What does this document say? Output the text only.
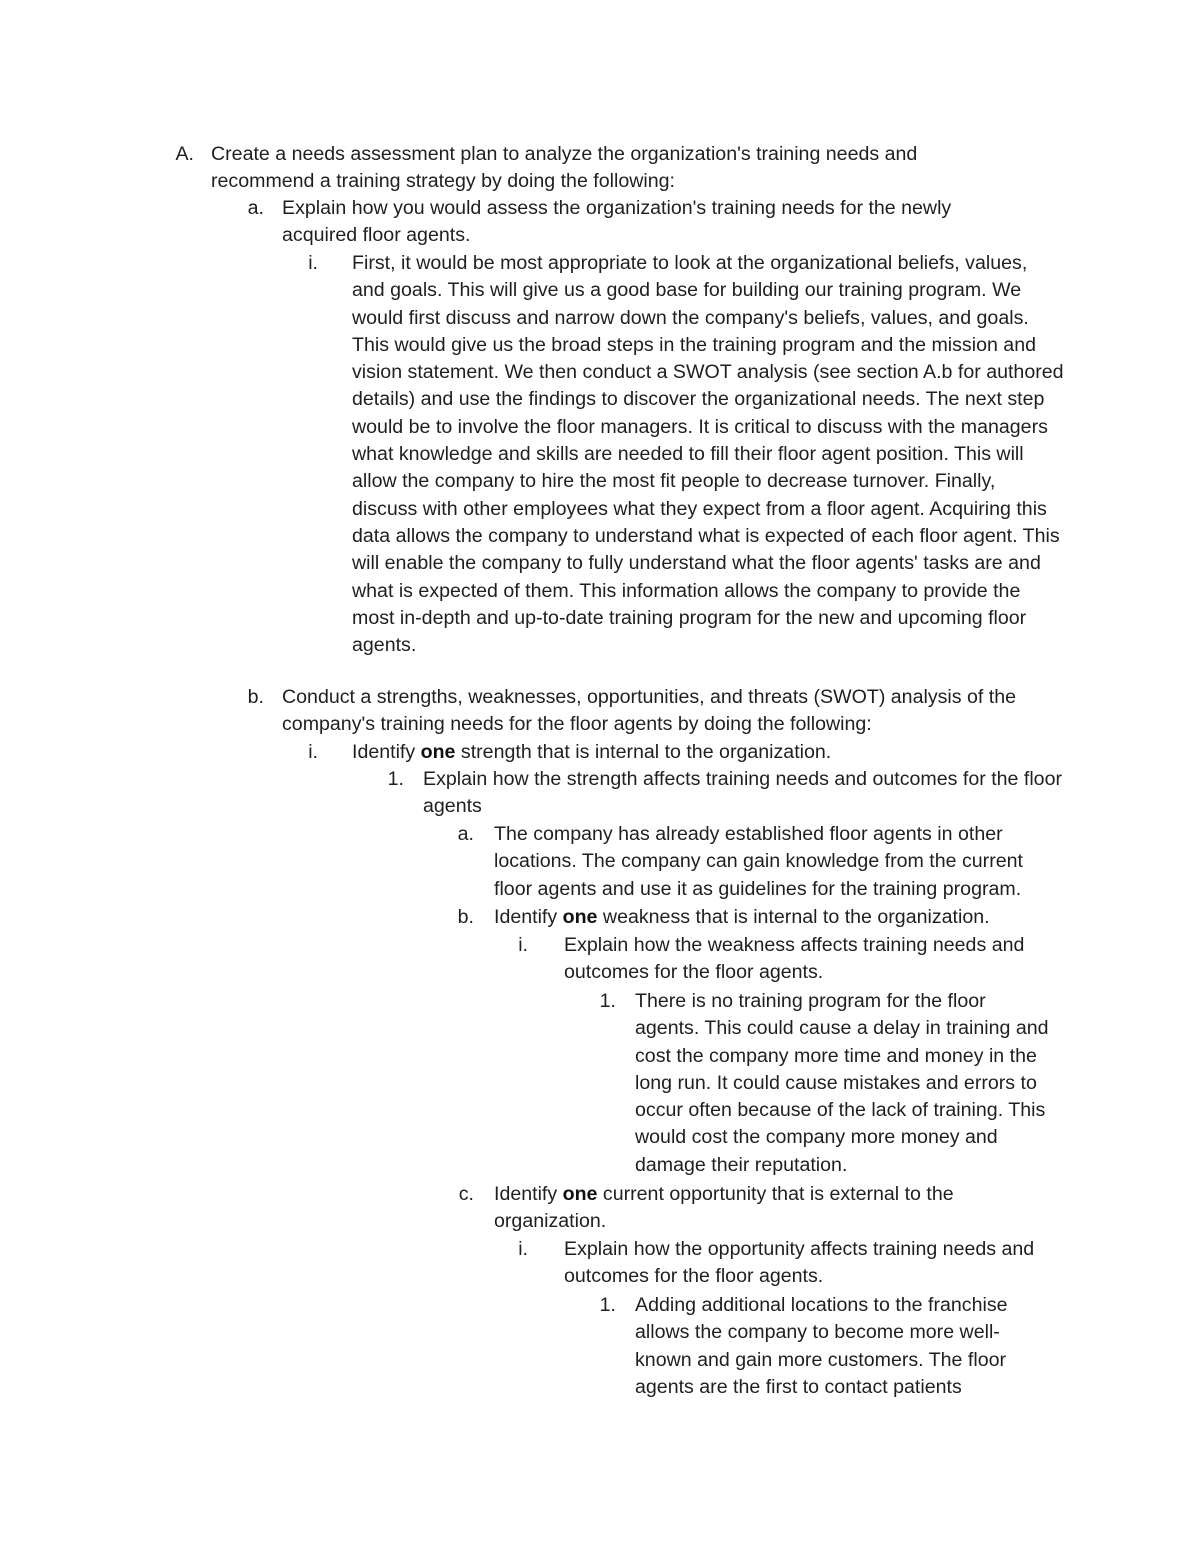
A. Create a needs assessment plan to analyze the organization's training needs and recommend a training strategy by doing the following:
a. Explain how you would assess the organization's training needs for the newly acquired floor agents.
i. First, it would be most appropriate to look at the organizational beliefs, values, and goals. This will give us a good base for building our training program. We would first discuss and narrow down the company's beliefs, values, and goals. This would give us the broad steps in the training program and the mission and vision statement. We then conduct a SWOT analysis (see section A.b for authored details) and use the findings to discover the organizational needs. The next step would be to involve the floor managers. It is critical to discuss with the managers what knowledge and skills are needed to fill their floor agent position. This will allow the company to hire the most fit people to decrease turnover. Finally, discuss with other employees what they expect from a floor agent. Acquiring this data allows the company to understand what is expected of each floor agent. This will enable the company to fully understand what the floor agents' tasks are and what is expected of them. This information allows the company to provide the most in-depth and up-to-date training program for the new and upcoming floor agents.
b. Conduct a strengths, weaknesses, opportunities, and threats (SWOT) analysis of the company's training needs for the floor agents by doing the following:
i. Identify one strength that is internal to the organization.
1. Explain how the strength affects training needs and outcomes for the floor agents
a. The company has already established floor agents in other locations. The company can gain knowledge from the current floor agents and use it as guidelines for the training program.
b. Identify one weakness that is internal to the organization.
i. Explain how the weakness affects training needs and outcomes for the floor agents.
1. There is no training program for the floor agents. This could cause a delay in training and cost the company more time and money in the long run. It could cause mistakes and errors to occur often because of the lack of training. This would cost the company more money and damage their reputation.
c. Identify one current opportunity that is external to the organization.
i. Explain how the opportunity affects training needs and outcomes for the floor agents.
1. Adding additional locations to the franchise allows the company to become more well-known and gain more customers. The floor agents are the first to contact patients
